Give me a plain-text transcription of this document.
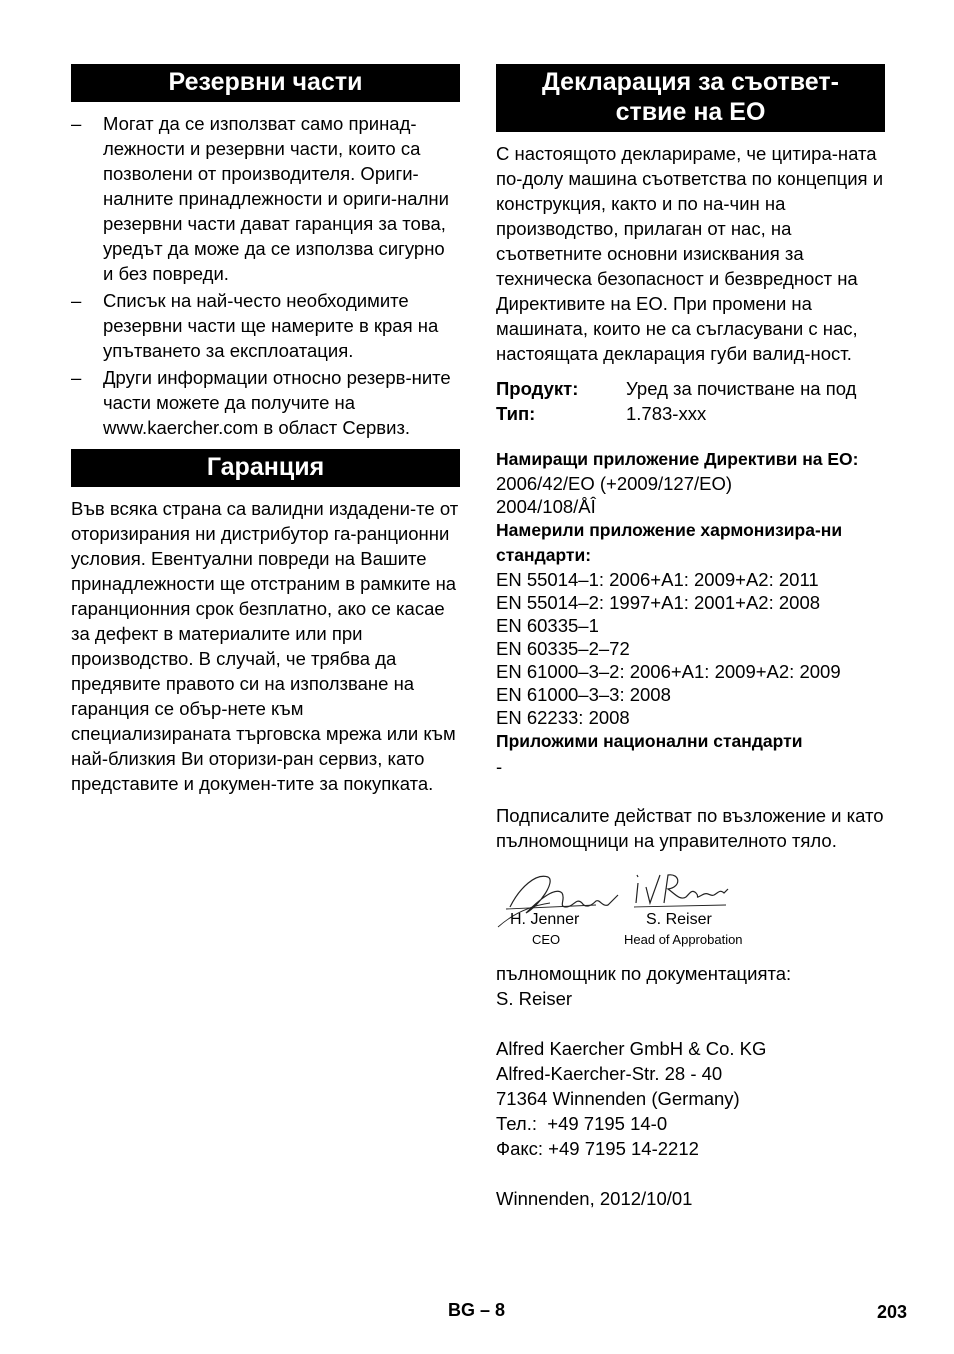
Резервни части
– Могат да се използват само принад-лежности и резервни части, които са позволени от производителя. Ориги-налните принадлежности и ориги-нални резервни части дават гаранция за това, уредът да може да се използва сигурно и без повреди.
– Списък на най-често необходимите резервни части ще намерите в края на упътването за експлоатация.
– Други информации относно резерв-ните части можете да получите на www.kaercher.com в област Сервиз.
Гаранция

Във всяка страна са валидни издадени-те от оторизирания ни дистрибутор га-ранционни условия. Евентуални повреди на Вашите принадлежности ще отстраним в рамките на гаранционния срок безплатно, ако се касае за дефект в материалите или при производство. В случай, че трябва да предявите правото си на използване на гаранция се обър-нете към специализираната търговска мрежа или към най-близкия Ви оторизи-ран сервиз, като представите и докумен-тите за покупката.

Декларация за съответ-
ствие на ЕО

С настоящото декларираме, че цитира-ната по-долу машина съответства по концепция и конструкция, както и по на-чин на производство, прилаган от нас, на съответните основни изисквания за техническа безопасност и безвредност на Директивите на ЕО. При промени на машината, които не са съгласувани с нас, настоящата декларация губи валид-ност.

Продукт:	Уред за почистване на под
Тип:	1.783-xxx
Намиращи приложение Директиви на ЕО:
2006/42/EO (+2009/127/EO)
2004/108/ÅÎ
Намерили приложение хармонизира-ни стандарти:
EN 55014–1: 2006+A1: 2009+A2: 2011
EN 55014–2: 1997+A1: 2001+A2: 2008
EN 60335–1
EN 60335–2–72
EN 61000–3–2: 2006+A1: 2009+A2: 2009
EN 61000–3–3: 2008
EN 62233: 2008
Приложими национални стандарти
-

Подписалите действат по възложение и като пълномощници на управителното тяло.

H. Jenner
CEO
S. Reiser
Head of Approbation
пълномощник по документацията:
S. Reiser
Alfred Kaercher GmbH & Co. KG
Alfred-Kaercher-Str. 28 - 40
71364 Winnenden (Germany)
Тел.:  +49 7195 14-0
Факс: +49 7195 14-2212
Winnenden, 2012/10/01
BG – 8	203
